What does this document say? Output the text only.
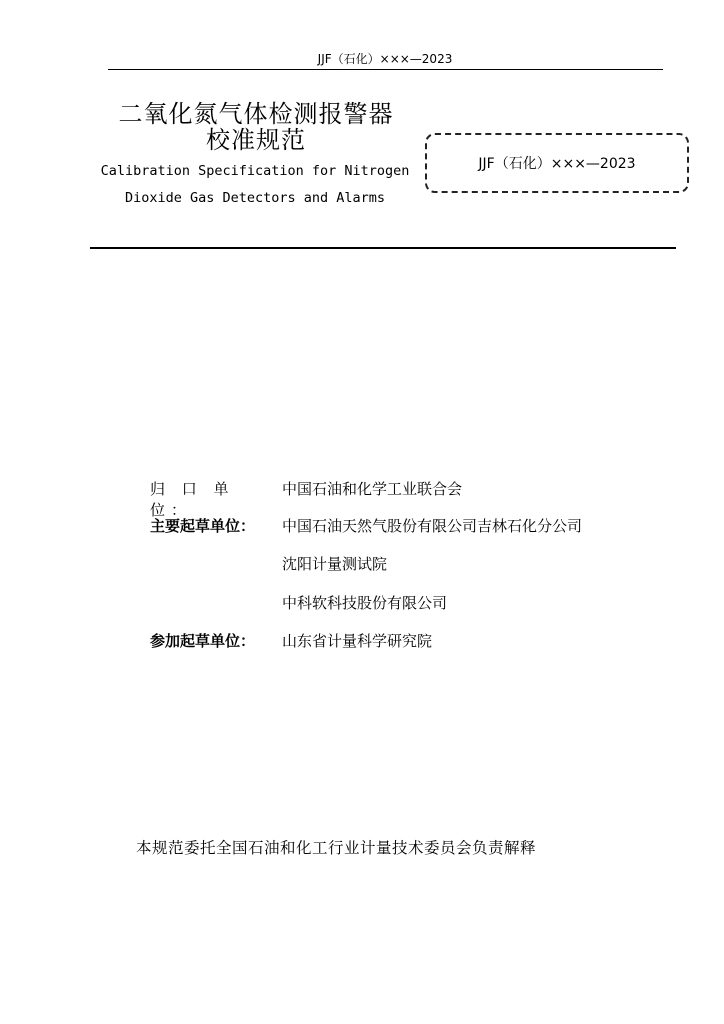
JJF（石化）×××—2023
二氧化氮气体检测报警器
校准规范
Calibration Specification for Nitrogen
Dioxide Gas Detectors and Alarms
JJF（石化）×××—2023
归 口 单 位：
中国石油和化学工业联合会
主要起草单位： 中国石油天然气股份有限公司吉林石化分公司
沈阳计量测试院
中科软科技股份有限公司
参加起草单位： 山东省计量科学研究院
本规范委托全国石油和化工行业计量技术委员会负责解释
